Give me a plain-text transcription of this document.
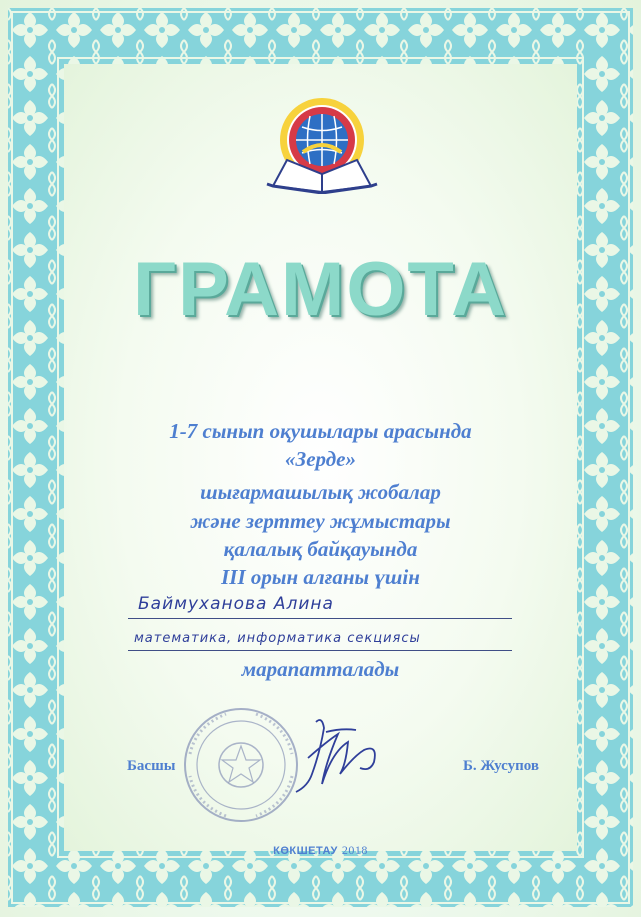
ГРАМОТА
1-7 сынып оқушылары арасында
«Зерде»
шығармашылық жобалар
және зерттеу жұмыстары
қалалық байқауында
III орын алғаны үшін
Баймуханова Алина
математика, информатика секциясы
марапатталады
Басшы	Б. Жусупов
КӨКШЕТАУ 2018
